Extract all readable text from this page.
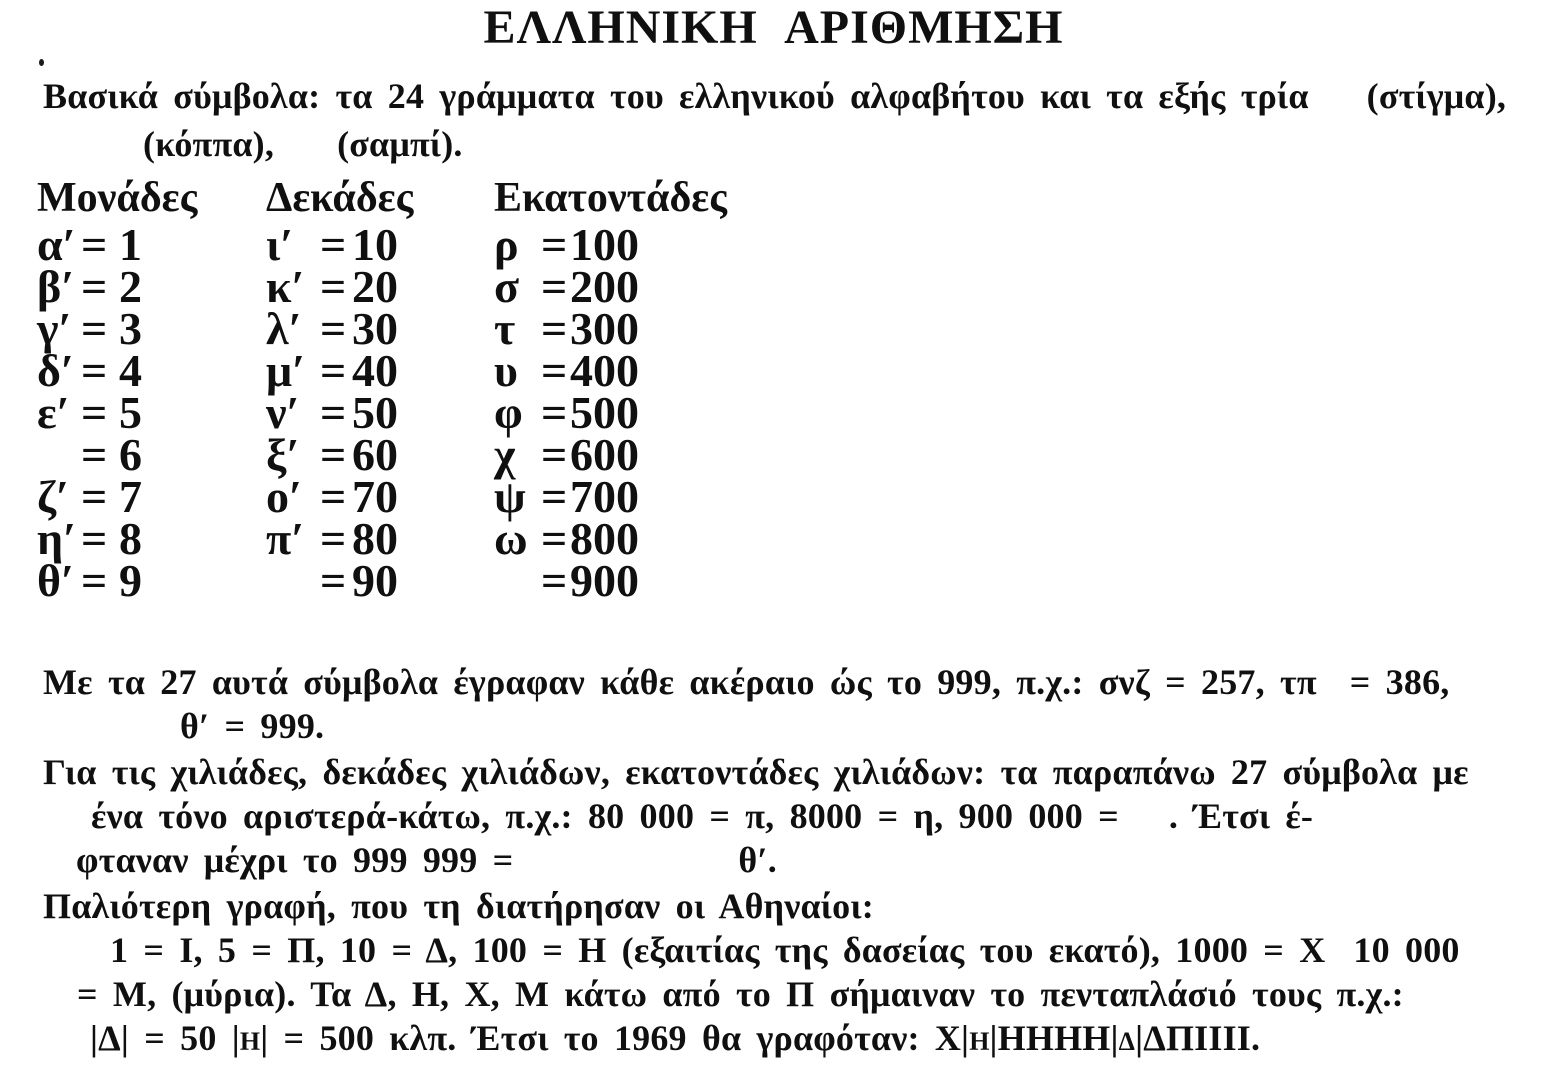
ΕΛΛΗΝΙΚΗ ΑΡΙΘΜΗΣΗ
Βασικά σύμβολα: τα 24 γράμματα του ελληνικού αλφαβήτου και τα εξής τρία (στίγμα),
(κόππα), (σαμπί).
Με τα 27 αυτά σύμβολα έγραφαν κάθε ακέραιο ώς το 999, π.χ.: σνζ = 257, τπ = 386,
θ′ = 999.
Για τις χιλιάδες, δεκάδες χιλιάδων, εκατοντάδες χιλιάδων: τα παραπάνω 27 σύμβολα με
ένα τόνο αριστερά-κάτω, π.χ.: 80 000 = π, 8000 = η, 900 000 = . Έτσι έ-
φταναν μέχρι το 999 999 =	θ′.
Παλιότερη γραφή, που τη διατήρησαν οι Αθηναίοι:
1 = Ι, 5 = Π, 10 = Δ, 100 = Η (εξαιτίας της δασείας του εκατό), 1000 = Χ 10 000
= Μ, (μύρια). Τα Δ, Η, Χ, Μ κάτω από το Π σήμαιναν το πενταπλάσιό τους π.χ.:
|Δ| = 50 |Η| = 500 κλπ. Έτσι το 1969 θα γραφόταν: Χ|Η|ΗΗΗΗ|Δ|ΔΠΙΙΙΙ.
Μονάδες
α′ = 1
β′ = 2
γ′ = 3
δ′ = 4
ε′ = 5
= 6
ζ′ = 7
η′ = 8
θ′ = 9
Δεκάδες
ι′ = 10
κ′ = 20
λ′ = 30
μ′ = 40
ν′ = 50
ξ′ = 60
ο′ = 70
π′ = 80
= 90
Εκατοντάδες
ρ = 100
σ = 200
τ = 300
υ = 400
φ = 500
χ = 600
ψ = 700
ω = 800
= 900
